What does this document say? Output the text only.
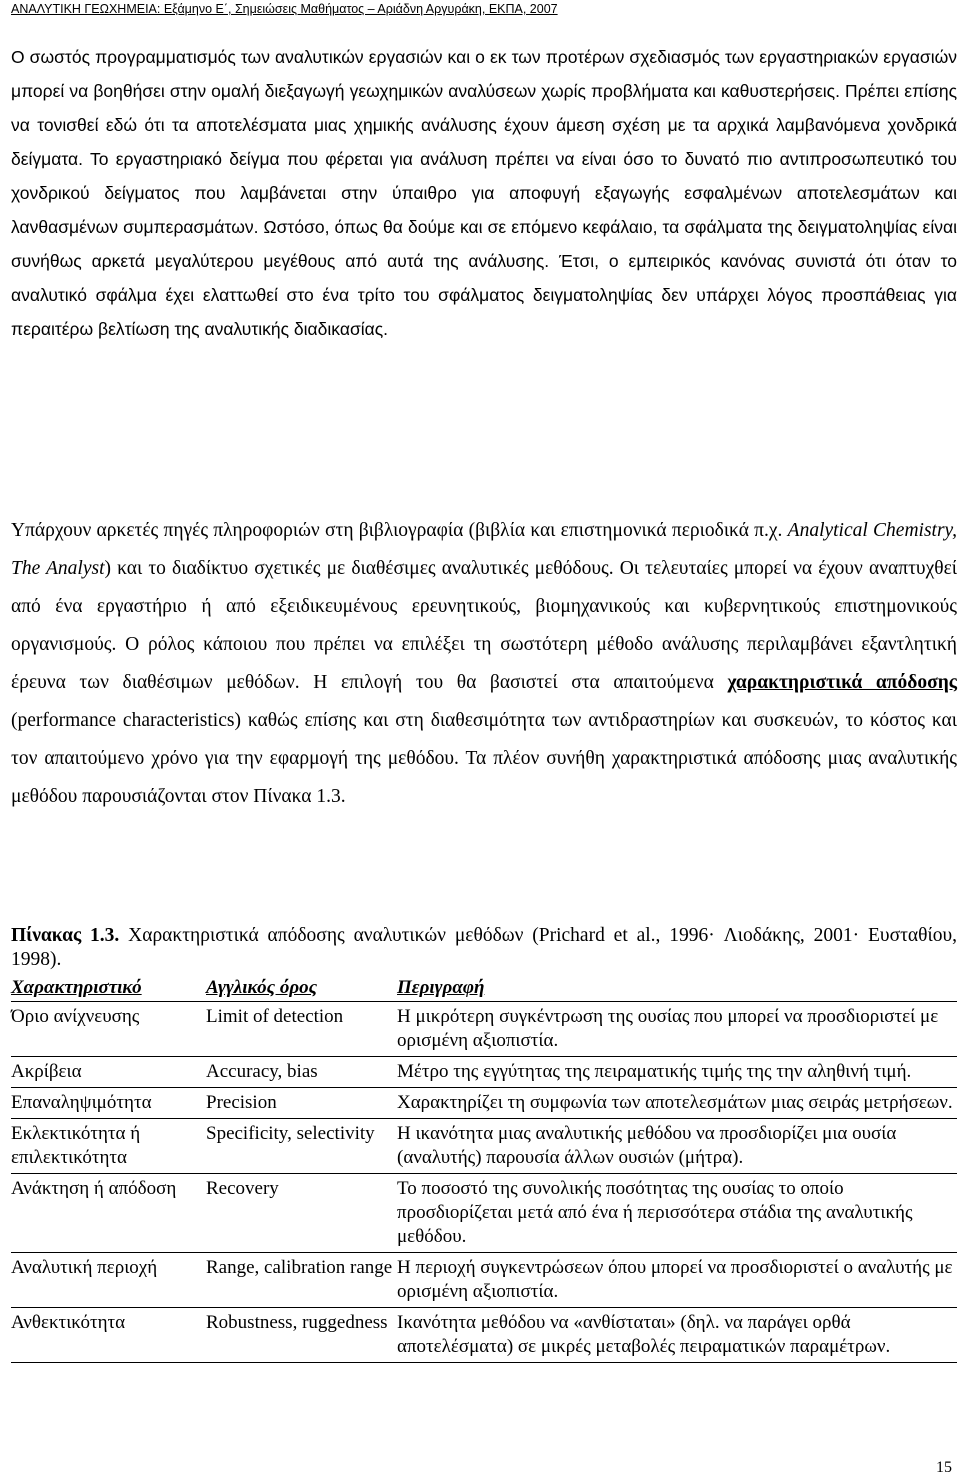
ΑΝΑΛΥΤΙΚΗ ΓΕΩΧΗΜΕΙΑ: Εξάμηνο Ε΄, Σημειώσεις Μαθήματος – Αριάδνη Αργυράκη, ΕΚΠΑ, 2007

Ο σωστός προγραμματισμός των αναλυτικών εργασιών και ο εκ των προτέρων σχεδιασμός των εργαστηριακών εργασιών μπορεί να βοηθήσει στην ομαλή διεξαγωγή γεωχημικών αναλύσεων χωρίς προβλήματα και καθυστερήσεις. Πρέπει επίσης να τονισθεί εδώ ότι τα αποτελέσματα μιας χημικής ανάλυσης έχουν άμεση σχέση με τα αρχικά λαμβανόμενα χονδρικά δείγματα. Το εργαστηριακό δείγμα που φέρεται για ανάλυση πρέπει να είναι όσο το δυνατό πιο αντιπροσωπευτικό του χονδρικού δείγματος που λαμβάνεται στην ύπαιθρο για αποφυγή εξαγωγής εσφαλμένων αποτελεσμάτων και λανθασμένων συμπερασμάτων. Ωστόσο, όπως θα δούμε και σε επόμενο κεφάλαιο, τα σφάλματα της δειγματοληψίας είναι συνήθως αρκετά μεγαλύτερου μεγέθους από αυτά της ανάλυσης. Έτσι, ο εμπειρικός κανόνας συνιστά ότι όταν το αναλυτικό σφάλμα έχει ελαττωθεί στο ένα τρίτο του σφάλματος δειγματοληψίας δεν υπάρχει λόγος προσπάθειας για περαιτέρω βελτίωση της αναλυτικής διαδικασίας.

Υπάρχουν αρκετές πηγές πληροφοριών στη βιβλιογραφία (βιβλία και επιστημονικά περιοδικά π.χ. Analytical Chemistry, The Analyst) και το διαδίκτυο σχετικές με διαθέσιμες αναλυτικές μεθόδους. Οι τελευταίες μπορεί να έχουν αναπτυχθεί από ένα εργαστήριο ή από εξειδικευμένους ερευνητικούς, βιομηχανικούς και κυβερνητικούς επιστημονικούς οργανισμούς. Ο ρόλος κάποιου που πρέπει να επιλέξει τη σωστότερη μέθοδο ανάλυσης περιλαμβάνει εξαντλητική έρευνα των διαθέσιμων μεθόδων. Η επιλογή του θα βασιστεί στα απαιτούμενα χαρακτηριστικά απόδοσης (performance characteristics) καθώς επίσης και στη διαθεσιμότητα των αντιδραστηρίων και συσκευών, το κόστος και τον απαιτούμενο χρόνο για την εφαρμογή της μεθόδου. Τα πλέον συνήθη χαρακτηριστικά απόδοσης μιας αναλυτικής μεθόδου παρουσιάζονται στον Πίνακα 1.3.

Πίνακας 1.3. Χαρακτηριστικά απόδοσης αναλυτικών μεθόδων (Prichard et al., 1996· Λιοδάκης, 2001· Ευσταθίου, 1998).

Χαρακτηριστικό	Αγγλικός όρος	Περιγραφή
Όριο ανίχνευσης	Limit of detection	Η μικρότερη συγκέντρωση της ουσίας που μπορεί να προσδιοριστεί με ορισμένη αξιοπιστία.
Ακρίβεια	Accuracy, bias	Μέτρο της εγγύτητας της πειραματικής τιμής της την αληθινή τιμή.
Επαναληψιμότητα	Precision	Χαρακτηρίζει τη συμφωνία των αποτελεσμάτων μιας σειράς μετρήσεων.
Εκλεκτικότητα ή επιλεκτικότητα	Specificity, selectivity	Η ικανότητα μιας αναλυτικής μεθόδου να προσδιορίζει μια ουσία (αναλυτής) παρουσία άλλων ουσιών (μήτρα).
Ανάκτηση ή απόδοση	Recovery	Το ποσοστό της συνολικής ποσότητας της ουσίας το οποίο προσδιορίζεται μετά από ένα ή περισσότερα στάδια της αναλυτικής μεθόδου.
Αναλυτική περιοχή	Range, calibration range	Η περιοχή συγκεντρώσεων όπου μπορεί να προσδιοριστεί ο αναλυτής με ορισμένη αξιοπιστία.
Ανθεκτικότητα	Robustness, ruggedness	Ικανότητα μεθόδου να «ανθίσταται» (δηλ. να παράγει ορθά αποτελέσματα) σε μικρές μεταβολές πειραματικών παραμέτρων.
15
